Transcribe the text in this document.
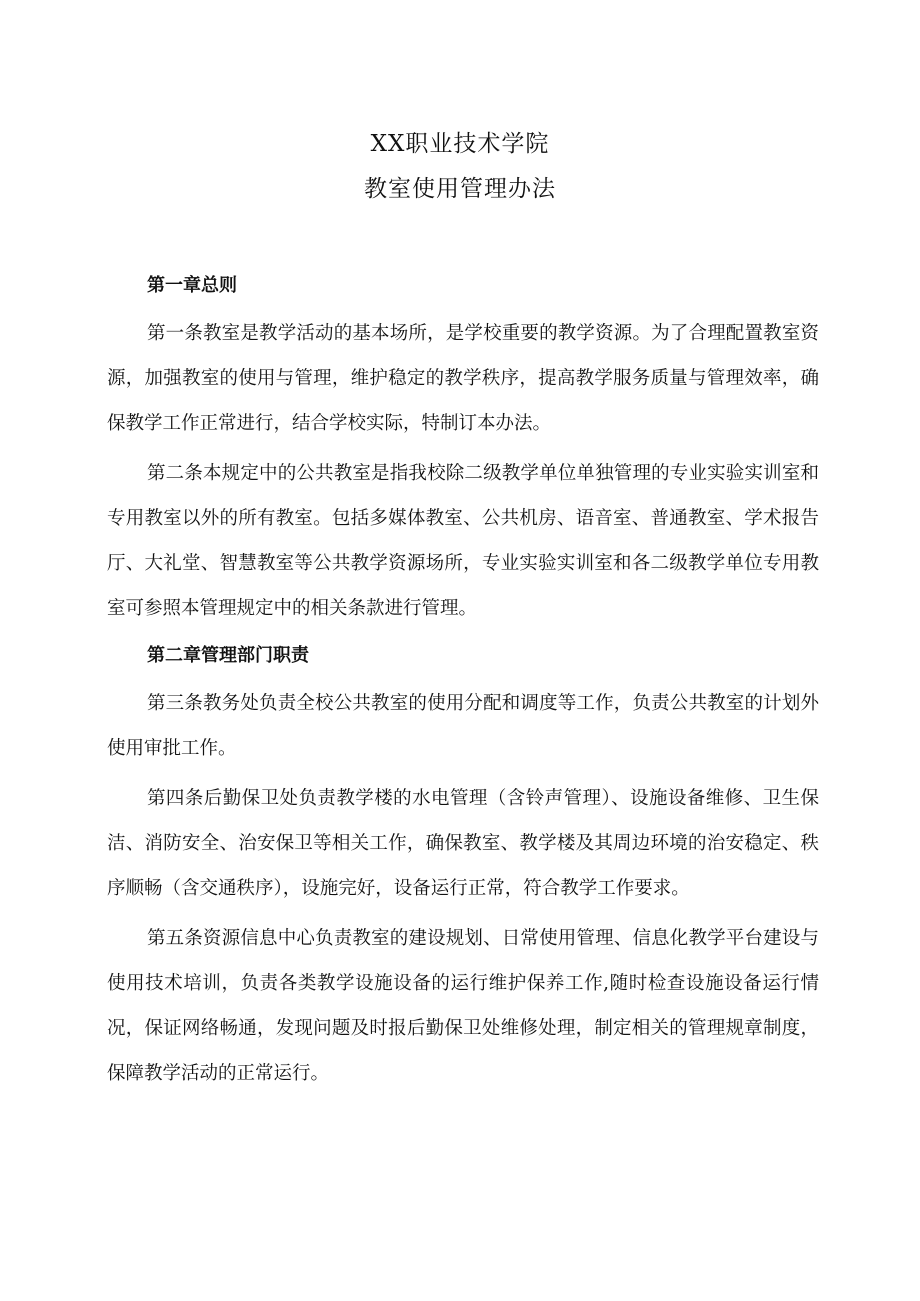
XX职业技术学院
教室使用管理办法
第一章总则

第一条教室是教学活动的基本场所，是学校重要的教学资源。为了合理配置教室资源，加强教室的使用与管理，维护稳定的教学秩序，提高教学服务质量与管理效率，确保教学工作正常进行，结合学校实际，特制订本办法。

第二条本规定中的公共教室是指我校除二级教学单位单独管理的专业实验实训室和专用教室以外的所有教室。包括多媒体教室、公共机房、语音室、普通教室、学术报告厅、大礼堂、智慧教室等公共教学资源场所，专业实验实训室和各二级教学单位专用教室可参照本管理规定中的相关条款进行管理。

第二章管理部门职责

第三条教务处负责全校公共教室的使用分配和调度等工作，负责公共教室的计划外使用审批工作。

第四条后勤保卫处负责教学楼的水电管理（含铃声管理）、设施设备维修、卫生保洁、消防安全、治安保卫等相关工作，确保教室、教学楼及其周边环境的治安稳定、秩序顺畅（含交通秩序），设施完好，设备运行正常，符合教学工作要求。

第五条资源信息中心负责教室的建设规划、日常使用管理、信息化教学平台建设与使用技术培训，负责各类教学设施设备的运行维护保养工作,随时检查设施设备运行情况，保证网络畅通，发现问题及时报后勤保卫处维修处理，制定相关的管理规章制度，保障教学活动的正常运行。
